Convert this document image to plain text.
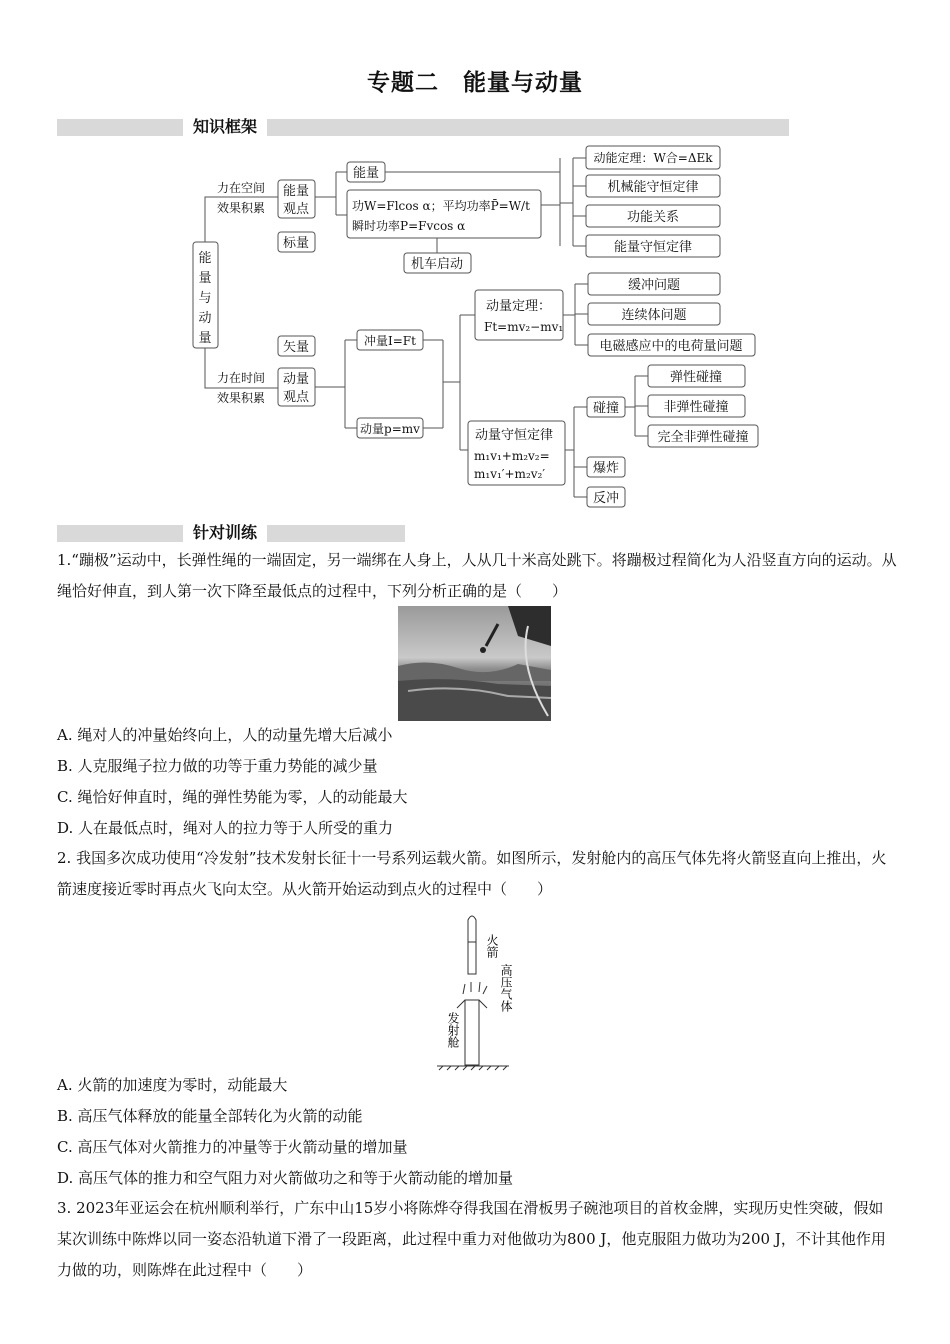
专题二　能量与动量
知识框架
能
量
与
动
量
力在空间
效果积累
力在时间
效果积累
能量
观点
标量
能量
功W=Flcos α；平均功率P̄=W/t
瞬时功率P=Fvcos α
机车启动
动能定理：W合=ΔEk
机械能守恒定律
功能关系
能量守恒定律
矢量
动量
观点
冲量I=Ft
动量p=mv
动量定理：
Ft=mv₂−mv₁
缓冲问题
连续体问题
电磁感应中的电荷量问题
动量守恒定律
m₁v₁+m₂v₂=
m₁v₁′+m₂v₂′
碰撞
爆炸
反冲
弹性碰撞
非弹性碰撞
完全非弹性碰撞
针对训练
1.“蹦极”运动中，长弹性绳的一端固定，另一端绑在人身上，人从几十米高处跳下。将蹦极过程简化为人沿竖直方向的运动。从绳恰好伸直，到人第一次下降至最低点的过程中，下列分析正确的是（　　）
A. 绳对人的冲量始终向上，人的动量先增大后减小
B. 人克服绳子拉力做的功等于重力势能的减少量
C. 绳恰好伸直时，绳的弹性势能为零，人的动能最大
D. 人在最低点时，绳对人的拉力等于人所受的重力
2. 我国多次成功使用“冷发射”技术发射长征十一号系列运载火箭。如图所示，发射舱内的高压气体先将火箭竖直向上推出，火箭速度接近零时再点火飞向太空。从火箭开始运动到点火的过程中（　　）
火箭
高压气体
发射舱
A. 火箭的加速度为零时，动能最大
B. 高压气体释放的能量全部转化为火箭的动能
C. 高压气体对火箭推力的冲量等于火箭动量的增加量
D. 高压气体的推力和空气阻力对火箭做功之和等于火箭动能的增加量
3. 2023年亚运会在杭州顺利举行，广东中山15岁小将陈烨夺得我国在滑板男子碗池项目的首枚金牌，实现历史性突破，假如某次训练中陈烨以同一姿态沿轨道下滑了一段距离，此过程中重力对他做功为800 J，他克服阻力做功为200 J，不计其他作用力做的功，则陈烨在此过程中（　　）
